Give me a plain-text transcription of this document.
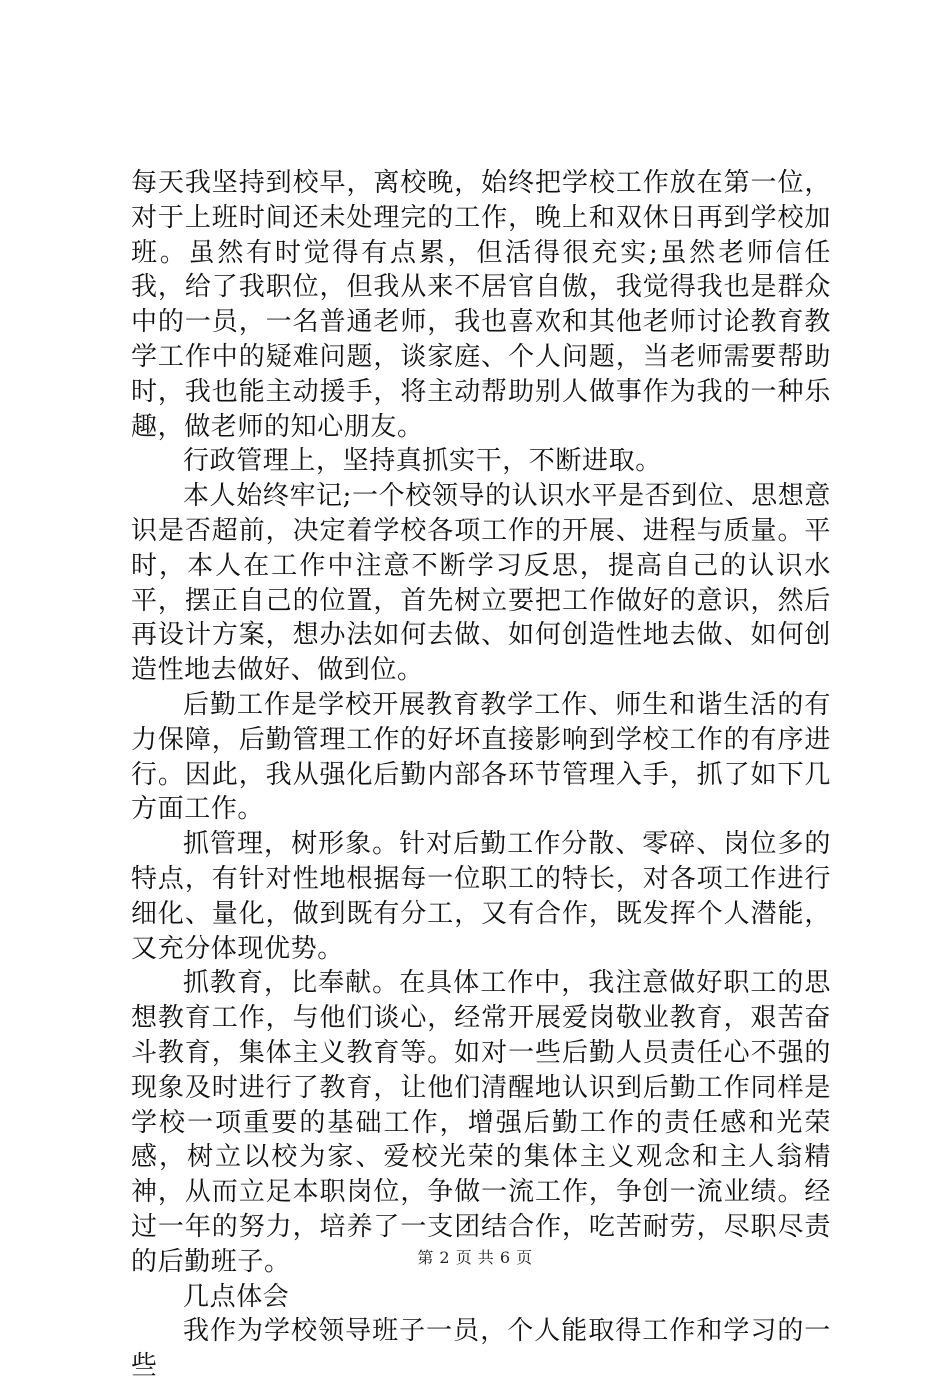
每天我坚持到校早，离校晚，始终把学校工作放在第一位，对于上班时间还未处理完的工作，晚上和双休日再到学校加班。虽然有时觉得有点累，但活得很充实;虽然老师信任我，给了我职位，但我从来不居官自傲，我觉得我也是群众中的一员，一名普通老师，我也喜欢和其他老师讨论教育教学工作中的疑难问题，谈家庭、个人问题，当老师需要帮助时，我也能主动援手，将主动帮助别人做事作为我的一种乐趣，做老师的知心朋友。

行政管理上，坚持真抓实干，不断进取。

本人始终牢记;一个校领导的认识水平是否到位、思想意识是否超前，决定着学校各项工作的开展、进程与质量。平时，本人在工作中注意不断学习反思，提高自己的认识水平，摆正自己的位置，首先树立要把工作做好的意识，然后再设计方案，想办法如何去做、如何创造性地去做、如何创造性地去做好、做到位。

后勤工作是学校开展教育教学工作、师生和谐生活的有力保障，后勤管理工作的好坏直接影响到学校工作的有序进行。因此，我从强化后勤内部各环节管理入手，抓了如下几方面工作。

抓管理，树形象。针对后勤工作分散、零碎、岗位多的特点，有针对性地根据每一位职工的特长，对各项工作进行细化、量化，做到既有分工，又有合作，既发挥个人潜能，又充分体现优势。

抓教育，比奉献。在具体工作中，我注意做好职工的思想教育工作，与他们谈心，经常开展爱岗敬业教育，艰苦奋斗教育，集体主义教育等。如对一些后勤人员责任心不强的现象及时进行了教育，让他们清醒地认识到后勤工作同样是学校一项重要的基础工作，增强后勤工作的责任感和光荣感，树立以校为家、爱校光荣的集体主义观念和主人翁精神，从而立足本职岗位，争做一流工作，争创一流业绩。经过一年的努力，培养了一支团结合作，吃苦耐劳，尽职尽责的后勤班子。

几点体会

我作为学校领导班子一员，个人能取得工作和学习的一些

第 2 页 共 6 页
